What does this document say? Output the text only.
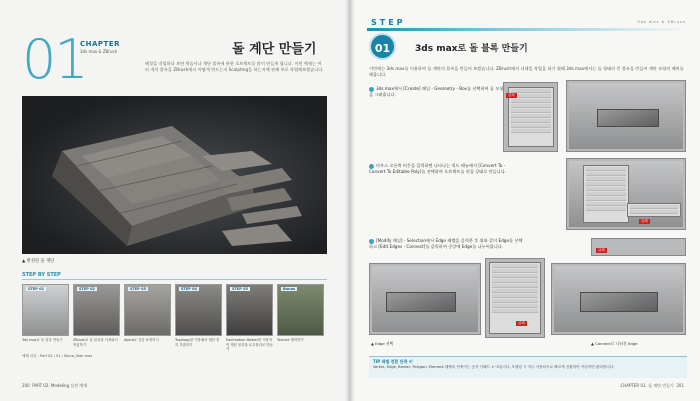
01
CHAPTER
3ds max & ZBrush	돌 계단 만들기
배경을 작업하다 보면 벽돌이나 계단 블록에 관한 오브젝트를 많이 만들게 됩니다. 이번 예제는 여러 개의 블록을 ZBrush에서 어떻게 만드는지 Sculpting을 하는지에 관해 주로 작업해보겠습니다.
▲ 완성된 돌 계단
STEP BY STEP
STEP 01
3ds max로 돌 블록 만들기
STEP 02
ZBrush로 돌 블록을 가져와서 작업하기
STEP 03
Alpha로 질감 표현하기
STEP 04
Topology를 이용해서 계단 블록 추출하기
STEP 05
Decimation Master를 이용하여 계단 블록을 로우폴리로 만들기
Bonus
Texture 제작하기
예제 파일 : Part 02 / 01 / Stone_Stair.max
200 PART 02. Modeling 실전 예제
STEP	3ds max & ZBrush
01	3ds max로 돌 블록 만들기
이번에는 3ds max를 이용하여 돌 계단의 블록을 만들어 보겠습니다. ZBrush에서 디테일 작업을 하기 위해 3ds max에서는 돌 형태의 큰 블록을 만들어 계단 모양의 배치를 해줍니다.
3ds max에서 [Create] 패널 - Geometry - Box를 선택하여 돌 모형을 그려줍니다.	클릭
마우스 오른쪽 버튼을 클릭하면 나타나는 퀵드 메뉴에서 [Convert To - Convert To Editable Poly]를 선택하여 오브젝트를 편집 상태로 만듭니다.
클릭
[Modify 패널] - Selection에서 Edge 레벨을 클릭한 후 위와 같이 Edge를 선택하고 [Edit Edges - Connect]를 클릭하여 중앙에 Edge를 나누어줍니다.
클릭
클릭
▲ Edge 선택	▲ Connect로 나눠진 Edge
TIP 레벨 전환 단축 키
Vertex, Edge, Border, Polygon, Element 레벨의 단축키는 숫자 키패드 1~5입니다. 모델링 시 자주 사용되므로 빠르게 전환하여 작업하면 편리합니다.
CHAPTER 01. 돌 계단 만들기 201
